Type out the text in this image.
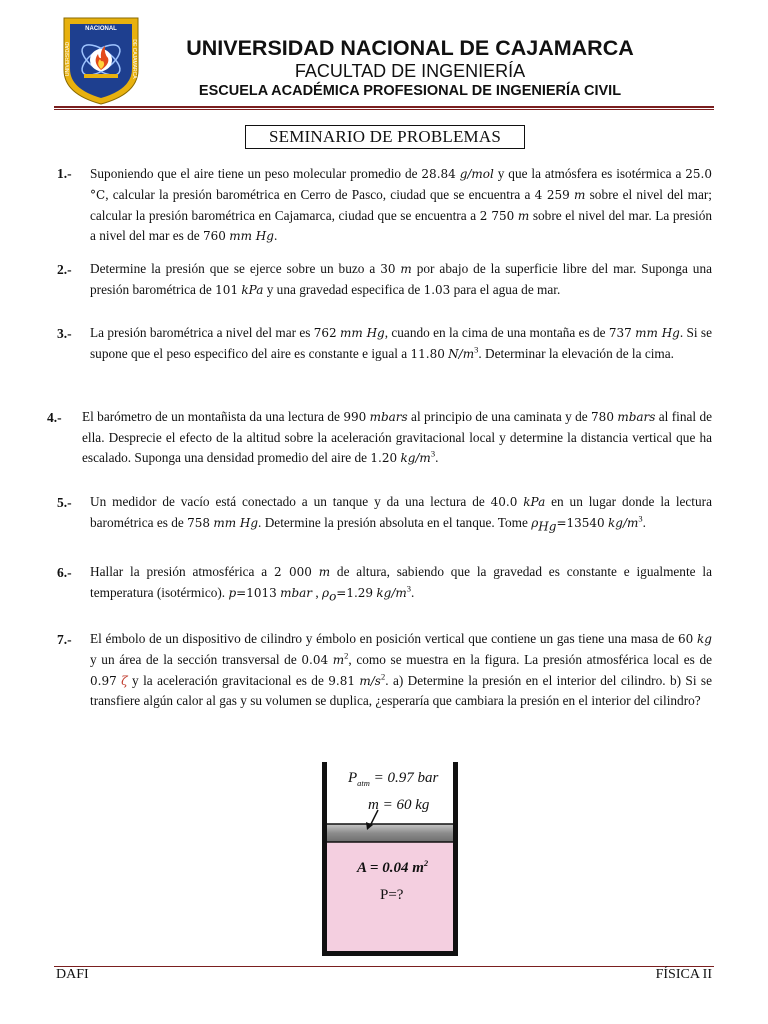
NACIONAL
UNIVERSIDAD	DE CAJAMARCA	UNIVERSIDAD NACIONAL DE CAJAMARCA
FACULTAD DE INGENIERÍA
ESCUELA ACADÉMICA PROFESIONAL DE INGENIERÍA CIVIL
SEMINARIO DE PROBLEMAS
1.- Suponiendo que el aire tiene un peso molecular promedio de 28.84 g/mol y que la atmósfera es isotérmica a 25.0 °C, calcular la presión barométrica en Cerro de Pasco, ciudad que se encuentra a 4 259 m sobre el nivel del mar; calcular la presión barométrica en Cajamarca, ciudad que se encuentra a 2 750 m sobre el nivel del mar. La presión a nivel del mar es de 760 mm Hg.
2.- Determine la presión que se ejerce sobre un buzo a 30 m por abajo de la superficie libre del mar. Suponga una presión barométrica de 101 kPa y una gravedad especifica de 1.03 para el agua de mar.
3.- La presión barométrica a nivel del mar es 762 mm Hg, cuando en la cima de una montaña es de 737 mm Hg. Si se supone que el peso especifico del aire es constante e igual a 11.80 $N/m^3$. Determinar la elevación de la cima.
4.- El barómetro de un montañista da una lectura de 990 mbars al principio de una caminata y de 780 mbars al final de ella. Desprecie el efecto de la altitud sobre la aceleración gravitacional local y determine la distancia vertical que ha escalado. Suponga una densidad promedio del aire de 1.20 $kg/m^3$.
5.- Un medidor de vacío está conectado a un tanque y da una lectura de 40.0 kPa en un lugar donde la lectura barométrica es de 758 mm Hg. Determine la presión absoluta en el tanque. Tome $\rho_{Hg}=13540$ $kg/m^3$.
6.- Hallar la presión atmosférica a 2 000 m de altura, sabiendo que la gravedad es constante e igualmente la temperatura (isotérmico). p=1013 mbar , $\rho_o=1.29$ $kg/m^3$.
7.- El émbolo de un dispositivo de cilindro y émbolo en posición vertical que contiene un gas tiene una masa de 60 kg y un área de la sección transversal de 0.04 $m^2$, como se muestra en la figura. La presión atmosférica local es de 0.97 ζ y la aceleración gravitacional es de 9.81 $m/s^2$. a) Determine la presión en el interior del cilindro. b) Si se transfiere algún calor al gas y su volumen se duplica, ¿esperaría que cambiara la presión en el interior del cilindro?
$P_{atm} = 0.97$ bar
m = 60 kg
A = 0.04 $m^2$
P=?
DAFI	FÍSICA II
